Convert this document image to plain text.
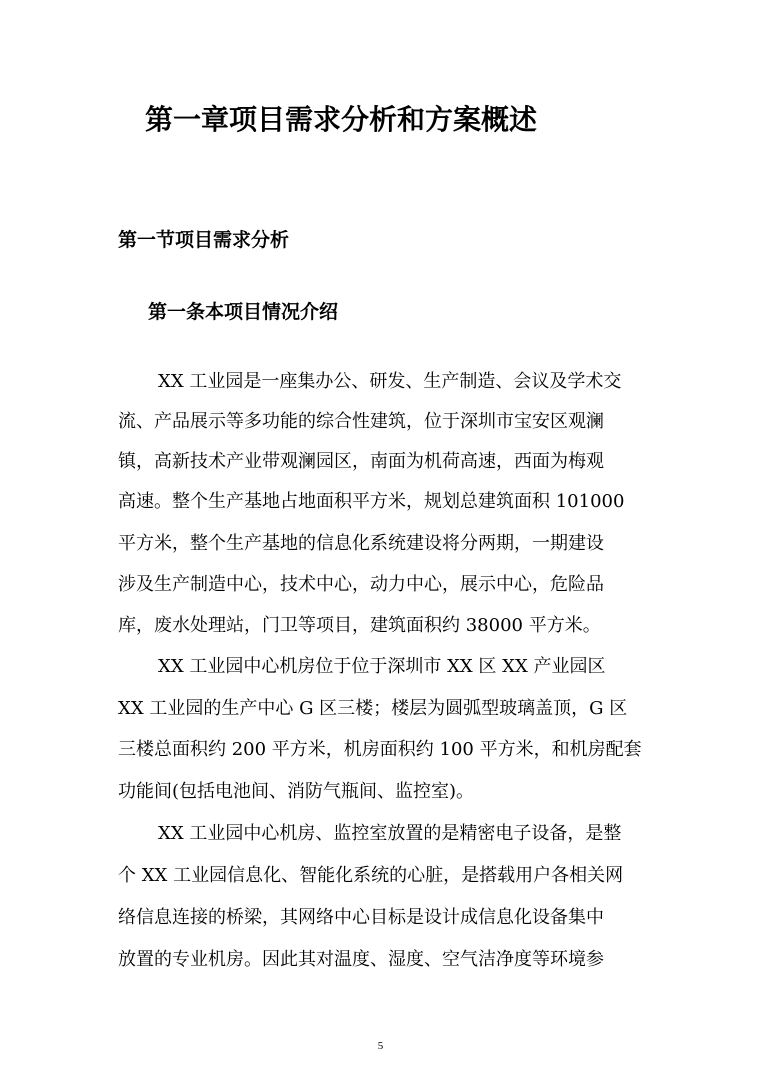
第一章项目需求分析和方案概述
第一节项目需求分析
第一条本项目情况介绍

XX 工业园是一座集办公、研发、生产制造、会议及学术交

流、产品展示等多功能的综合性建筑，位于深圳市宝安区观澜

镇，高新技术产业带观澜园区，南面为机荷高速，西面为梅观

高速。整个生产基地占地面积平方米，规划总建筑面积 101000

平方米，整个生产基地的信息化系统建设将分两期，一期建设

涉及生产制造中心，技术中心，动力中心，展示中心，危险品

库，废水处理站，门卫等项目，建筑面积约 38000 平方米。

XX 工业园中心机房位于位于深圳市 XX 区 XX 产业园区

XX 工业园的生产中心 G 区三楼；楼层为圆弧型玻璃盖顶，G 区

三楼总面积约 200 平方米，机房面积约 100 平方米，和机房配套

功能间(包括电池间、消防气瓶间、监控室)。

XX 工业园中心机房、监控室放置的是精密电子设备，是整

个 XX 工业园信息化、智能化系统的心脏，是搭载用户各相关网

络信息连接的桥梁，其网络中心目标是设计成信息化设备集中

放置的专业机房。因此其对温度、湿度、空气洁净度等环境参

5
